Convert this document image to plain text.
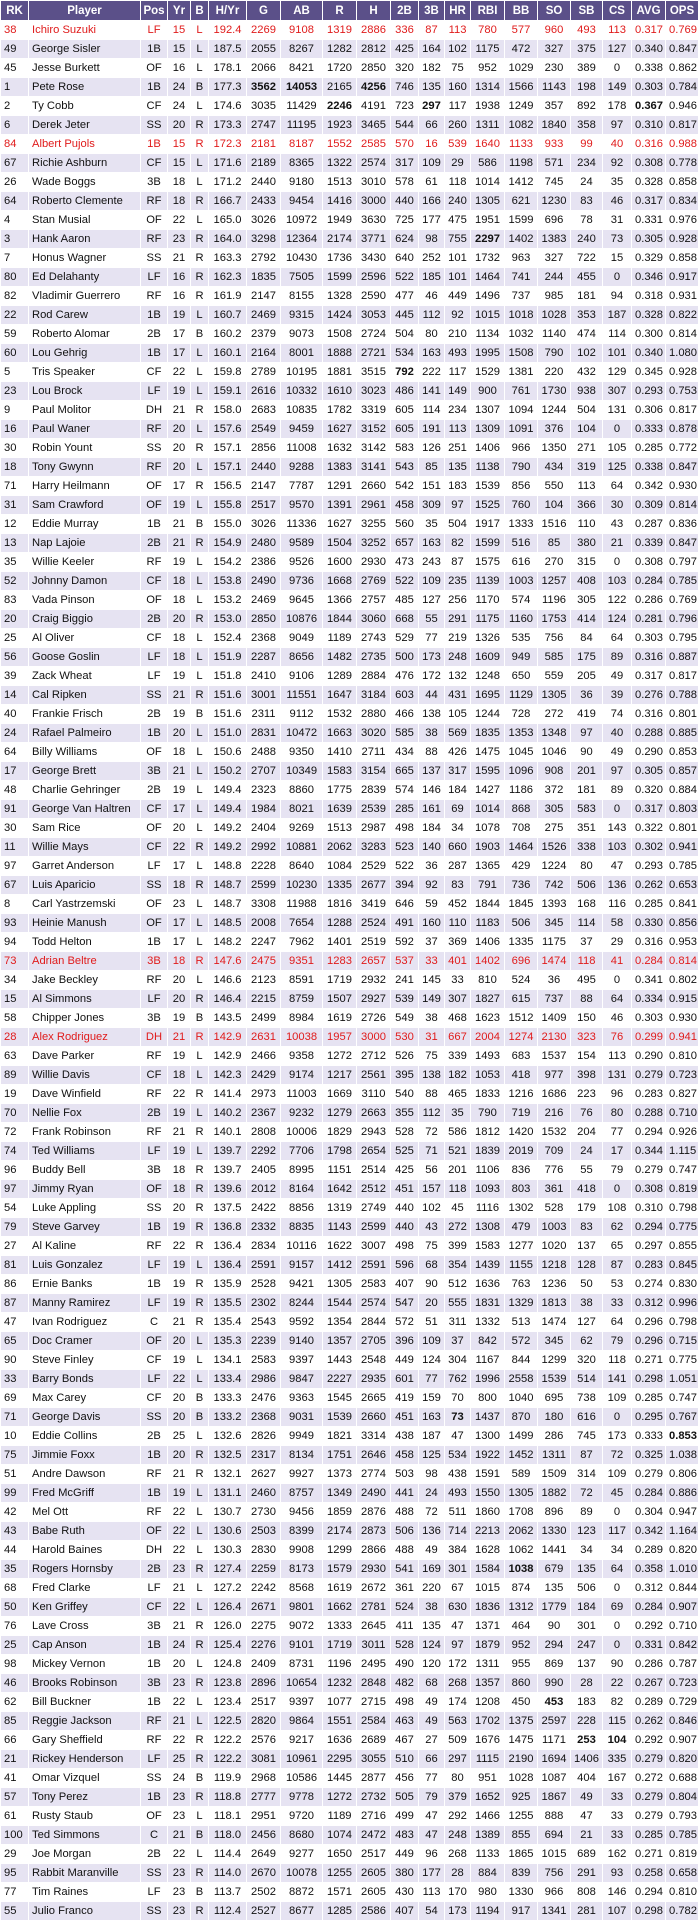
RK	Player	Pos	Yr	B	H/Yr	G	AB	R	H	2B	3B	HR	RBI	BB	SO	SB	CS	AVG	OPS
38	Ichiro Suzuki	LF	15	L	192.4	2269	9108	1319	2886	336	87	113	780	577	960	493	113	0.317	0.769
49	George Sisler	1B	15	L	187.5	2055	8267	1282	2812	425	164	102	1175	472	327	375	127	0.340	0.847
45	Jesse Burkett	OF	16	L	178.1	2066	8421	1720	2850	320	182	75	952	1029	230	389	0	0.338	0.862
1	Pete Rose	1B	24	B	177.3	3562	14053	2165	4256	746	135	160	1314	1566	1143	198	149	0.303	0.784
2	Ty Cobb	CF	24	L	174.6	3035	11429	2246	4191	723	297	117	1938	1249	357	892	178	0.367	0.946
6	Derek Jeter	SS	20	R	173.3	2747	11195	1923	3465	544	66	260	1311	1082	1840	358	97	0.310	0.817
84	Albert Pujols	1B	15	R	172.3	2181	8187	1552	2585	570	16	539	1640	1133	933	99	40	0.316	0.988
67	Richie Ashburn	CF	15	L	171.6	2189	8365	1322	2574	317	109	29	586	1198	571	234	92	0.308	0.778
26	Wade Boggs	3B	18	L	171.2	2440	9180	1513	3010	578	61	118	1014	1412	745	24	35	0.328	0.858
64	Roberto Clemente	RF	18	R	166.7	2433	9454	1416	3000	440	166	240	1305	621	1230	83	46	0.317	0.834
4	Stan Musial	OF	22	L	165.0	3026	10972	1949	3630	725	177	475	1951	1599	696	78	31	0.331	0.976
3	Hank Aaron	RF	23	R	164.0	3298	12364	2174	3771	624	98	755	2297	1402	1383	240	73	0.305	0.928
7	Honus Wagner	SS	21	R	163.3	2792	10430	1736	3430	640	252	101	1732	963	327	722	15	0.329	0.858
80	Ed Delahanty	LF	16	R	162.3	1835	7505	1599	2596	522	185	101	1464	741	244	455	0	0.346	0.917
82	Vladimir Guerrero	RF	16	R	161.9	2147	8155	1328	2590	477	46	449	1496	737	985	181	94	0.318	0.931
22	Rod Carew	1B	19	L	160.7	2469	9315	1424	3053	445	112	92	1015	1018	1028	353	187	0.328	0.822
59	Roberto Alomar	2B	17	B	160.2	2379	9073	1508	2724	504	80	210	1134	1032	1140	474	114	0.300	0.814
60	Lou Gehrig	1B	17	L	160.1	2164	8001	1888	2721	534	163	493	1995	1508	790	102	101	0.340	1.080
5	Tris Speaker	CF	22	L	159.8	2789	10195	1881	3515	792	222	117	1529	1381	220	432	129	0.345	0.928
23	Lou Brock	LF	19	L	159.1	2616	10332	1610	3023	486	141	149	900	761	1730	938	307	0.293	0.753
9	Paul Molitor	DH	21	R	158.0	2683	10835	1782	3319	605	114	234	1307	1094	1244	504	131	0.306	0.817
16	Paul Waner	RF	20	L	157.6	2549	9459	1627	3152	605	191	113	1309	1091	376	104	0	0.333	0.878
30	Robin Yount	SS	20	R	157.1	2856	11008	1632	3142	583	126	251	1406	966	1350	271	105	0.285	0.772
18	Tony Gwynn	RF	20	L	157.1	2440	9288	1383	3141	543	85	135	1138	790	434	319	125	0.338	0.847
71	Harry Heilmann	OF	17	R	156.5	2147	7787	1291	2660	542	151	183	1539	856	550	113	64	0.342	0.930
31	Sam Crawford	OF	19	L	155.8	2517	9570	1391	2961	458	309	97	1525	760	104	366	30	0.309	0.814
12	Eddie Murray	1B	21	B	155.0	3026	11336	1627	3255	560	35	504	1917	1333	1516	110	43	0.287	0.836
13	Nap Lajoie	2B	21	R	154.9	2480	9589	1504	3252	657	163	82	1599	516	85	380	21	0.339	0.847
35	Willie Keeler	RF	19	L	154.2	2386	9526	1600	2930	473	243	87	1575	616	270	315	0	0.308	0.797
52	Johnny Damon	CF	18	L	153.8	2490	9736	1668	2769	522	109	235	1139	1003	1257	408	103	0.284	0.785
83	Vada Pinson	OF	18	L	153.2	2469	9645	1366	2757	485	127	256	1170	574	1196	305	122	0.286	0.769
20	Craig Biggio	2B	20	R	153.0	2850	10876	1844	3060	668	55	291	1175	1160	1753	414	124	0.281	0.796
25	Al Oliver	CF	18	L	152.4	2368	9049	1189	2743	529	77	219	1326	535	756	84	64	0.303	0.795
56	Goose Goslin	LF	18	L	151.9	2287	8656	1482	2735	500	173	248	1609	949	585	175	89	0.316	0.887
39	Zack Wheat	LF	19	L	151.8	2410	9106	1289	2884	476	172	132	1248	650	559	205	49	0.317	0.817
14	Cal Ripken	SS	21	R	151.6	3001	11551	1647	3184	603	44	431	1695	1129	1305	36	39	0.276	0.788
40	Frankie Frisch	2B	19	B	151.6	2311	9112	1532	2880	466	138	105	1244	728	272	419	74	0.316	0.801
24	Rafael Palmeiro	1B	20	L	151.0	2831	10472	1663	3020	585	38	569	1835	1353	1348	97	40	0.288	0.885
64	Billy Williams	OF	18	L	150.6	2488	9350	1410	2711	434	88	426	1475	1045	1046	90	49	0.290	0.853
17	George Brett	3B	21	L	150.2	2707	10349	1583	3154	665	137	317	1595	1096	908	201	97	0.305	0.857
48	Charlie Gehringer	2B	19	L	149.4	2323	8860	1775	2839	574	146	184	1427	1186	372	181	89	0.320	0.884
91	George Van Haltren	CF	17	L	149.4	1984	8021	1639	2539	285	161	69	1014	868	305	583	0	0.317	0.803
30	Sam Rice	OF	20	L	149.2	2404	9269	1513	2987	498	184	34	1078	708	275	351	143	0.322	0.801
11	Willie Mays	CF	22	R	149.2	2992	10881	2062	3283	523	140	660	1903	1464	1526	338	103	0.302	0.941
97	Garret Anderson	LF	17	L	148.8	2228	8640	1084	2529	522	36	287	1365	429	1224	80	47	0.293	0.785
67	Luis Aparicio	SS	18	R	148.7	2599	10230	1335	2677	394	92	83	791	736	742	506	136	0.262	0.653
8	Carl Yastrzemski	OF	23	L	148.7	3308	11988	1816	3419	646	59	452	1844	1845	1393	168	116	0.285	0.841
93	Heinie Manush	OF	17	L	148.5	2008	7654	1288	2524	491	160	110	1183	506	345	114	58	0.330	0.856
94	Todd Helton	1B	17	L	148.2	2247	7962	1401	2519	592	37	369	1406	1335	1175	37	29	0.316	0.953
73	Adrian Beltre	3B	18	R	147.6	2475	9351	1283	2657	537	33	401	1402	696	1474	118	41	0.284	0.814
34	Jake Beckley	RF	20	L	146.6	2123	8591	1719	2932	241	145	33	810	524	36	495	0	0.341	0.802
15	Al Simmons	LF	20	R	146.4	2215	8759	1507	2927	539	149	307	1827	615	737	88	64	0.334	0.915
58	Chipper Jones	3B	19	B	143.5	2499	8984	1619	2726	549	38	468	1623	1512	1409	150	46	0.303	0.930
28	Alex Rodriguez	DH	21	R	142.9	2631	10038	1957	3000	530	31	667	2004	1274	2130	323	76	0.299	0.941
63	Dave Parker	RF	19	L	142.9	2466	9358	1272	2712	526	75	339	1493	683	1537	154	113	0.290	0.810
89	Willie Davis	CF	18	L	142.3	2429	9174	1217	2561	395	138	182	1053	418	977	398	131	0.279	0.723
19	Dave Winfield	RF	22	R	141.4	2973	11003	1669	3110	540	88	465	1833	1216	1686	223	96	0.283	0.827
70	Nellie Fox	2B	19	L	140.2	2367	9232	1279	2663	355	112	35	790	719	216	76	80	0.288	0.710
72	Frank Robinson	RF	21	R	140.1	2808	10006	1829	2943	528	72	586	1812	1420	1532	204	77	0.294	0.926
74	Ted Williams	LF	19	L	139.7	2292	7706	1798	2654	525	71	521	1839	2019	709	24	17	0.344	1.115
96	Buddy Bell	3B	18	R	139.7	2405	8995	1151	2514	425	56	201	1106	836	776	55	79	0.279	0.747
97	Jimmy Ryan	OF	18	R	139.6	2012	8164	1642	2512	451	157	118	1093	803	361	418	0	0.308	0.819
54	Luke Appling	SS	20	R	137.5	2422	8856	1319	2749	440	102	45	1116	1302	528	179	108	0.310	0.798
79	Steve Garvey	1B	19	R	136.8	2332	8835	1143	2599	440	43	272	1308	479	1003	83	62	0.294	0.775
27	Al Kaline	RF	22	R	136.4	2834	10116	1622	3007	498	75	399	1583	1277	1020	137	65	0.297	0.855
81	Luis Gonzalez	LF	19	L	136.4	2591	9157	1412	2591	596	68	354	1439	1155	1218	128	87	0.283	0.845
86	Ernie Banks	1B	19	R	135.9	2528	9421	1305	2583	407	90	512	1636	763	1236	50	53	0.274	0.830
87	Manny Ramirez	LF	19	R	135.5	2302	8244	1544	2574	547	20	555	1831	1329	1813	38	33	0.312	0.996
47	Ivan Rodriguez	C	21	R	135.4	2543	9592	1354	2844	572	51	311	1332	513	1474	127	64	0.296	0.798
65	Doc Cramer	OF	20	L	135.3	2239	9140	1357	2705	396	109	37	842	572	345	62	79	0.296	0.715
90	Steve Finley	CF	19	L	134.1	2583	9397	1443	2548	449	124	304	1167	844	1299	320	118	0.271	0.775
33	Barry Bonds	LF	22	L	133.4	2986	9847	2227	2935	601	77	762	1996	2558	1539	514	141	0.298	1.051
69	Max Carey	CF	20	B	133.3	2476	9363	1545	2665	419	159	70	800	1040	695	738	109	0.285	0.747
71	George Davis	SS	20	B	133.2	2368	9031	1539	2660	451	163	73	1437	870	180	616	0	0.295	0.767
10	Eddie Collins	2B	25	L	132.6	2826	9949	1821	3314	438	187	47	1300	1499	286	745	173	0.333	0.853
75	Jimmie Foxx	1B	20	R	132.5	2317	8134	1751	2646	458	125	534	1922	1452	1311	87	72	0.325	1.038
51	Andre Dawson	RF	21	R	132.1	2627	9927	1373	2774	503	98	438	1591	589	1509	314	109	0.279	0.806
99	Fred McGriff	1B	19	L	131.1	2460	8757	1349	2490	441	24	493	1550	1305	1882	72	45	0.284	0.886
42	Mel Ott	RF	22	L	130.7	2730	9456	1859	2876	488	72	511	1860	1708	896	89	0	0.304	0.947
43	Babe Ruth	OF	22	L	130.6	2503	8399	2174	2873	506	136	714	2213	2062	1330	123	117	0.342	1.164
44	Harold Baines	DH	22	L	130.3	2830	9908	1299	2866	488	49	384	1628	1062	1441	34	34	0.289	0.820
35	Rogers Hornsby	2B	23	R	127.4	2259	8173	1579	2930	541	169	301	1584	1038	679	135	64	0.358	1.010
68	Fred Clarke	LF	21	L	127.2	2242	8568	1619	2672	361	220	67	1015	874	135	506	0	0.312	0.844
50	Ken Griffey	CF	22	L	126.4	2671	9801	1662	2781	524	38	630	1836	1312	1779	184	69	0.284	0.907
76	Lave Cross	3B	21	R	126.0	2275	9072	1333	2645	411	135	47	1371	464	90	301	0	0.292	0.710
25	Cap Anson	1B	24	R	125.4	2276	9101	1719	3011	528	124	97	1879	952	294	247	0	0.331	0.842
98	Mickey Vernon	1B	20	L	124.8	2409	8731	1196	2495	490	120	172	1311	955	869	137	90	0.286	0.787
46	Brooks Robinson	3B	23	R	123.8	2896	10654	1232	2848	482	68	268	1357	860	990	28	22	0.267	0.723
62	Bill Buckner	1B	22	L	123.4	2517	9397	1077	2715	498	49	174	1208	450	453	183	82	0.289	0.729
85	Reggie Jackson	RF	21	L	122.5	2820	9864	1551	2584	463	49	563	1702	1375	2597	228	115	0.262	0.846
66	Gary Sheffield	RF	22	R	122.2	2576	9217	1636	2689	467	27	509	1676	1475	1171	253	104	0.292	0.907
21	Rickey Henderson	LF	25	R	122.2	3081	10961	2295	3055	510	66	297	1115	2190	1694	1406	335	0.279	0.820
41	Omar Vizquel	SS	24	B	119.9	2968	10586	1445	2877	456	77	80	951	1028	1087	404	167	0.272	0.688
57	Tony Perez	1B	23	R	118.8	2777	9778	1272	2732	505	79	379	1652	925	1867	49	33	0.279	0.804
61	Rusty Staub	OF	23	L	118.1	2951	9720	1189	2716	499	47	292	1466	1255	888	47	33	0.279	0.793
100	Ted Simmons	C	21	B	118.0	2456	8680	1074	2472	483	47	248	1389	855	694	21	33	0.285	0.785
29	Joe Morgan	2B	22	L	114.4	2649	9277	1650	2517	449	96	268	1133	1865	1015	689	162	0.271	0.819
95	Rabbit Maranville	SS	23	R	114.0	2670	10078	1255	2605	380	177	28	884	839	756	291	93	0.258	0.658
77	Tim Raines	LF	23	B	113.7	2502	8872	1571	2605	430	113	170	980	1330	966	808	146	0.294	0.810
55	Julio Franco	SS	23	R	112.4	2527	8677	1285	2586	407	54	173	1194	917	1341	281	107	0.298	0.782
